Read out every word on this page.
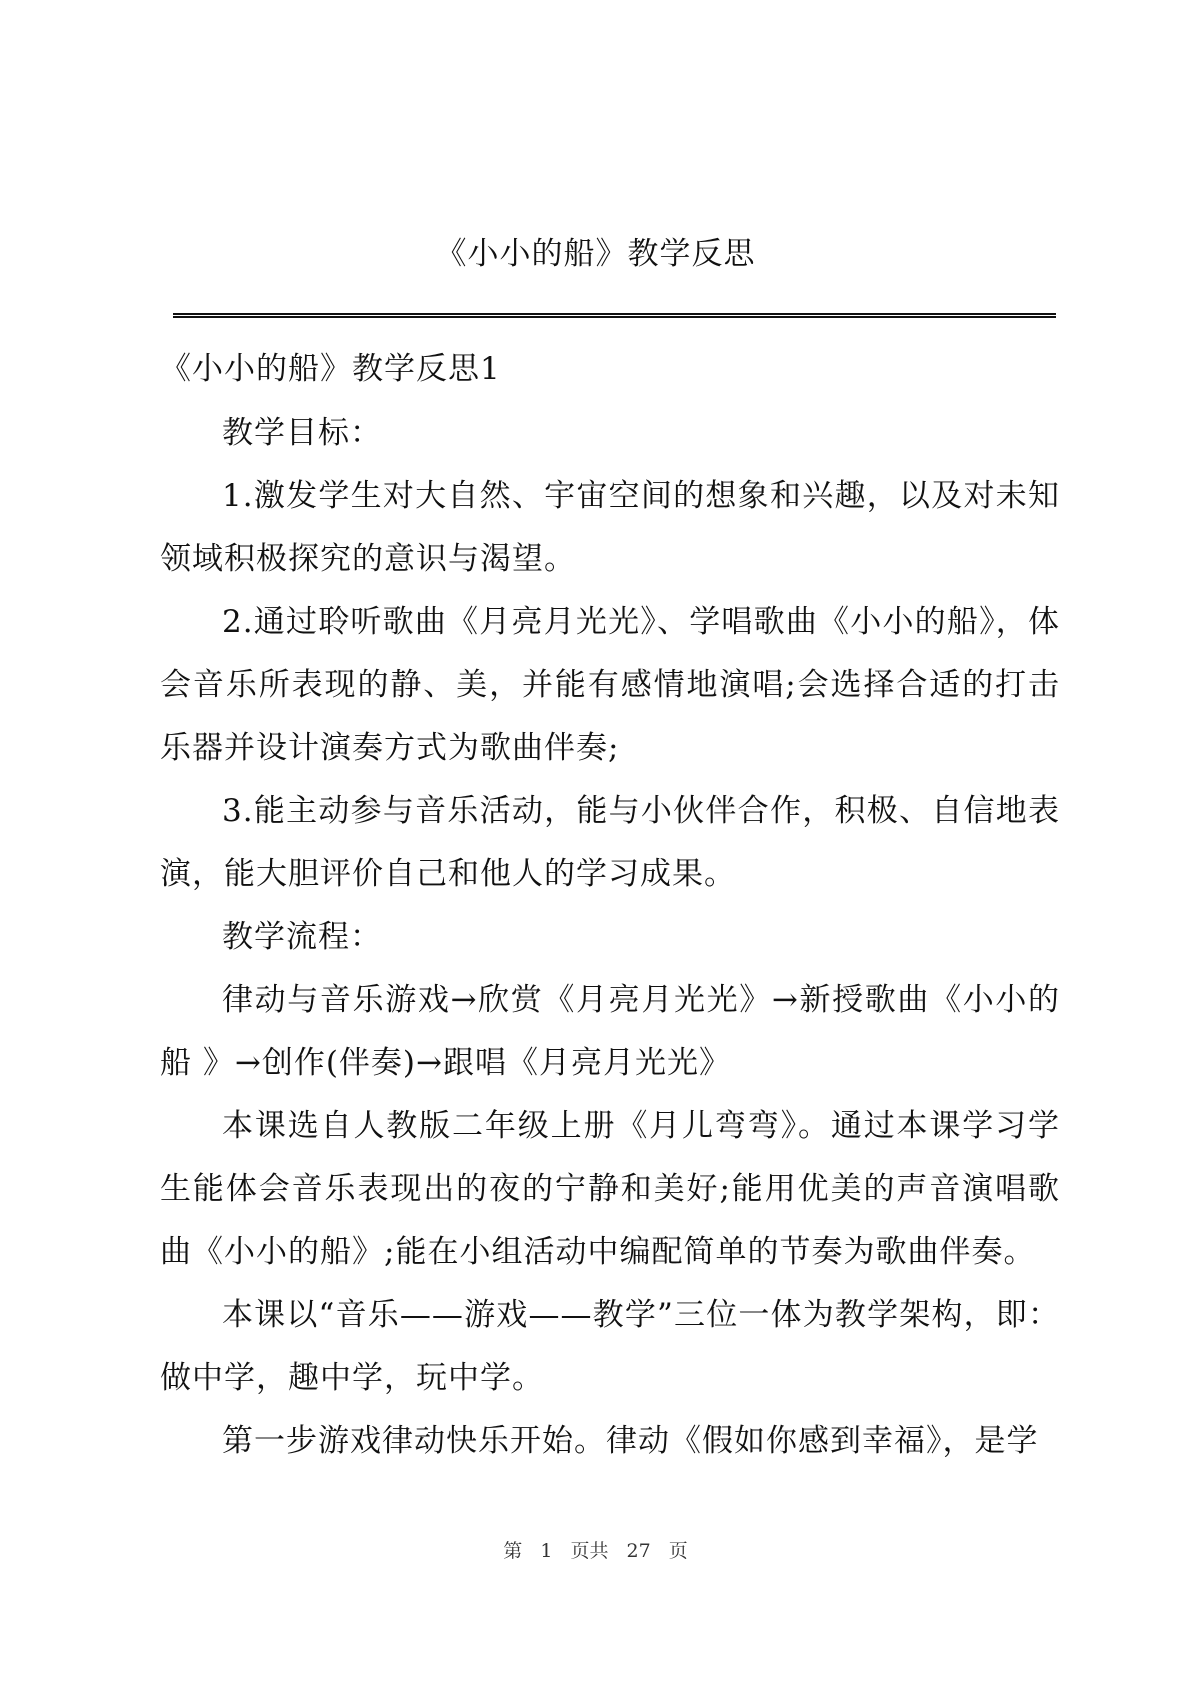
《小小的船》教学反思
《小小的船》教学反思1

教学目标：

1.激发学生对大自然、宇宙空间的想象和兴趣，以及对未知领域积极探究的意识与渴望。

2.通过聆听歌曲《月亮月光光》、学唱歌曲《小小的船》，体会音乐所表现的静、美，并能有感情地演唱;会选择合适的打击乐器并设计演奏方式为歌曲伴奏;

3.能主动参与音乐活动，能与小伙伴合作，积极、自信地表演，能大胆评价自己和他人的学习成果。

教学流程：

律动与音乐游戏→欣赏《月亮月光光》→新授歌曲《小小的船 》→创作(伴奏)→跟唱《月亮月光光》

本课选自人教版二年级上册《月儿弯弯》。通过本课学习学生能体会音乐表现出的夜的宁静和美好;能用优美的声音演唱歌曲《小小的船》;能在小组活动中编配简单的节奏为歌曲伴奏。

本课以“音乐——游戏——教学”三位一体为教学架构，即：做中学，趣中学，玩中学。

第一步游戏律动快乐开始。律动《假如你感到幸福》，是学

第 1 页共 27 页
